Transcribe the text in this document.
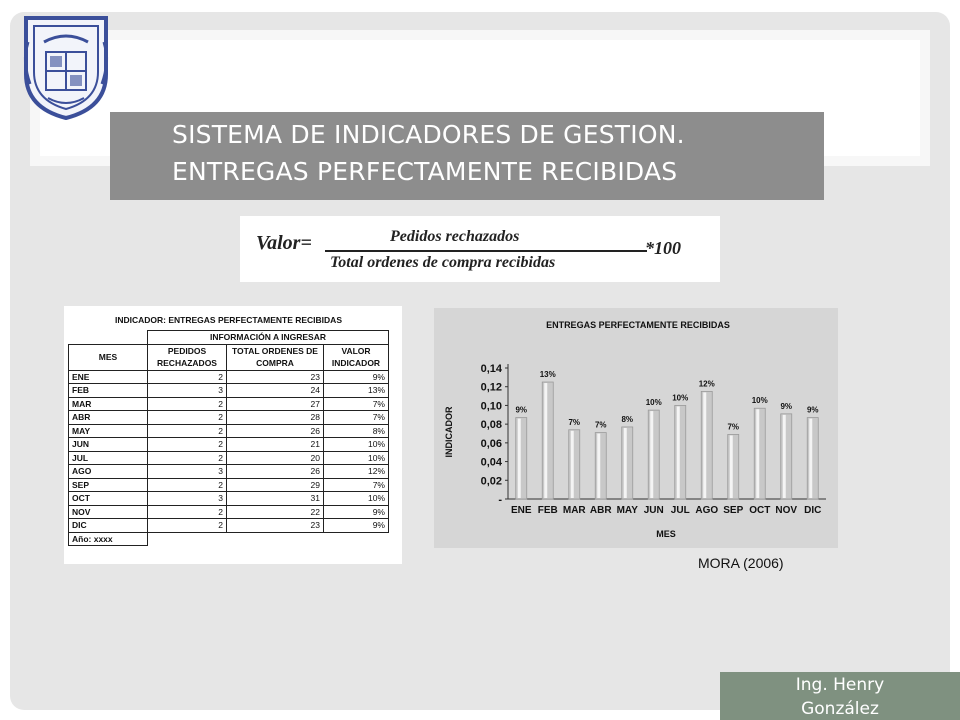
SISTEMA DE INDICADORES DE GESTION.
ENTREGAS PERFECTAMENTE RECIBIDAS
Valor=	Pedidos rechazados
Total ordenes de compra recibidas
*100
INDICADOR: ENTREGAS PERFECTAMENTE RECIBIDAS			
	INFORMACIÓN A INGRESAR		
MES	PEDIDOS RECHAZADOS	TOTAL ORDENES DE COMPRA	VALOR INDICADOR
ENE	2	23	9%
FEB	3	24	13%
MAR	2	27	7%
ABR	2	28	7%
MAY	2	26	8%
JUN	2	21	10%
JUL	2	20	10%
AGO	3	26	12%
SEP	2	29	7%
OCT	3	31	10%
NOV	2	22	9%
DIC	2	23	9%
Año: xxxx			
ENTREGAS PERFECTAMENTE RECIBIDAS
INDICADOR
MES
-
0,02
0,04
0,06
0,08
0,10
0,12
0,14
9%
ENE
13%
FEB
7%
MAR
7%
ABR
8%
MAY
10%
JUN
10%
JUL
12%
AGO
7%
SEP
10%
OCT
9%
NOV
9%
DIC
MORA (2006)
Ing. Henry
González
